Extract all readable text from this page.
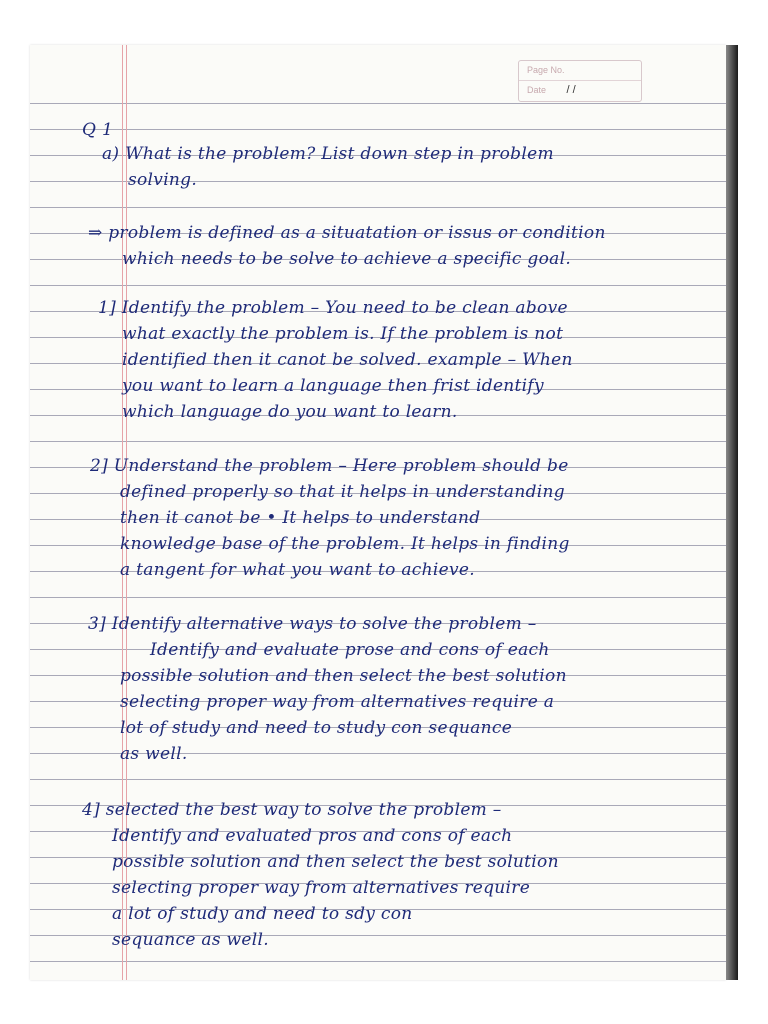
Page No.
Date / /
Q 1
a) What is the problem? List down step in problem
solving.
⇒ problem is defined as a situatation or issus or condition
which needs to be solve to achieve a specific goal.
1] Identify the problem – You need to be clean above
what exactly the problem is. If the problem is not
identified then it canot be solved. example – When
you want to learn a language then frist identify
which language do you want to learn.
2] Understand the problem – Here problem should be
defined properly so that it helps in understanding
then it canot be • It helps to understand
knowledge base of the problem. It helps in finding
a tangent for what you want to achieve.
3] Identify alternative ways to solve the problem –
Identify and evaluate prose and cons of each
possible solution and then select the best solution
selecting proper way from alternatives require a
lot of study and need to study con sequance
as well.
4] selected the best way to solve the problem –
Identify and evaluated pros and cons of each
possible solution and then select the best solution
selecting proper way from alternatives require
a lot of study and need to sdy con
sequance as well.
